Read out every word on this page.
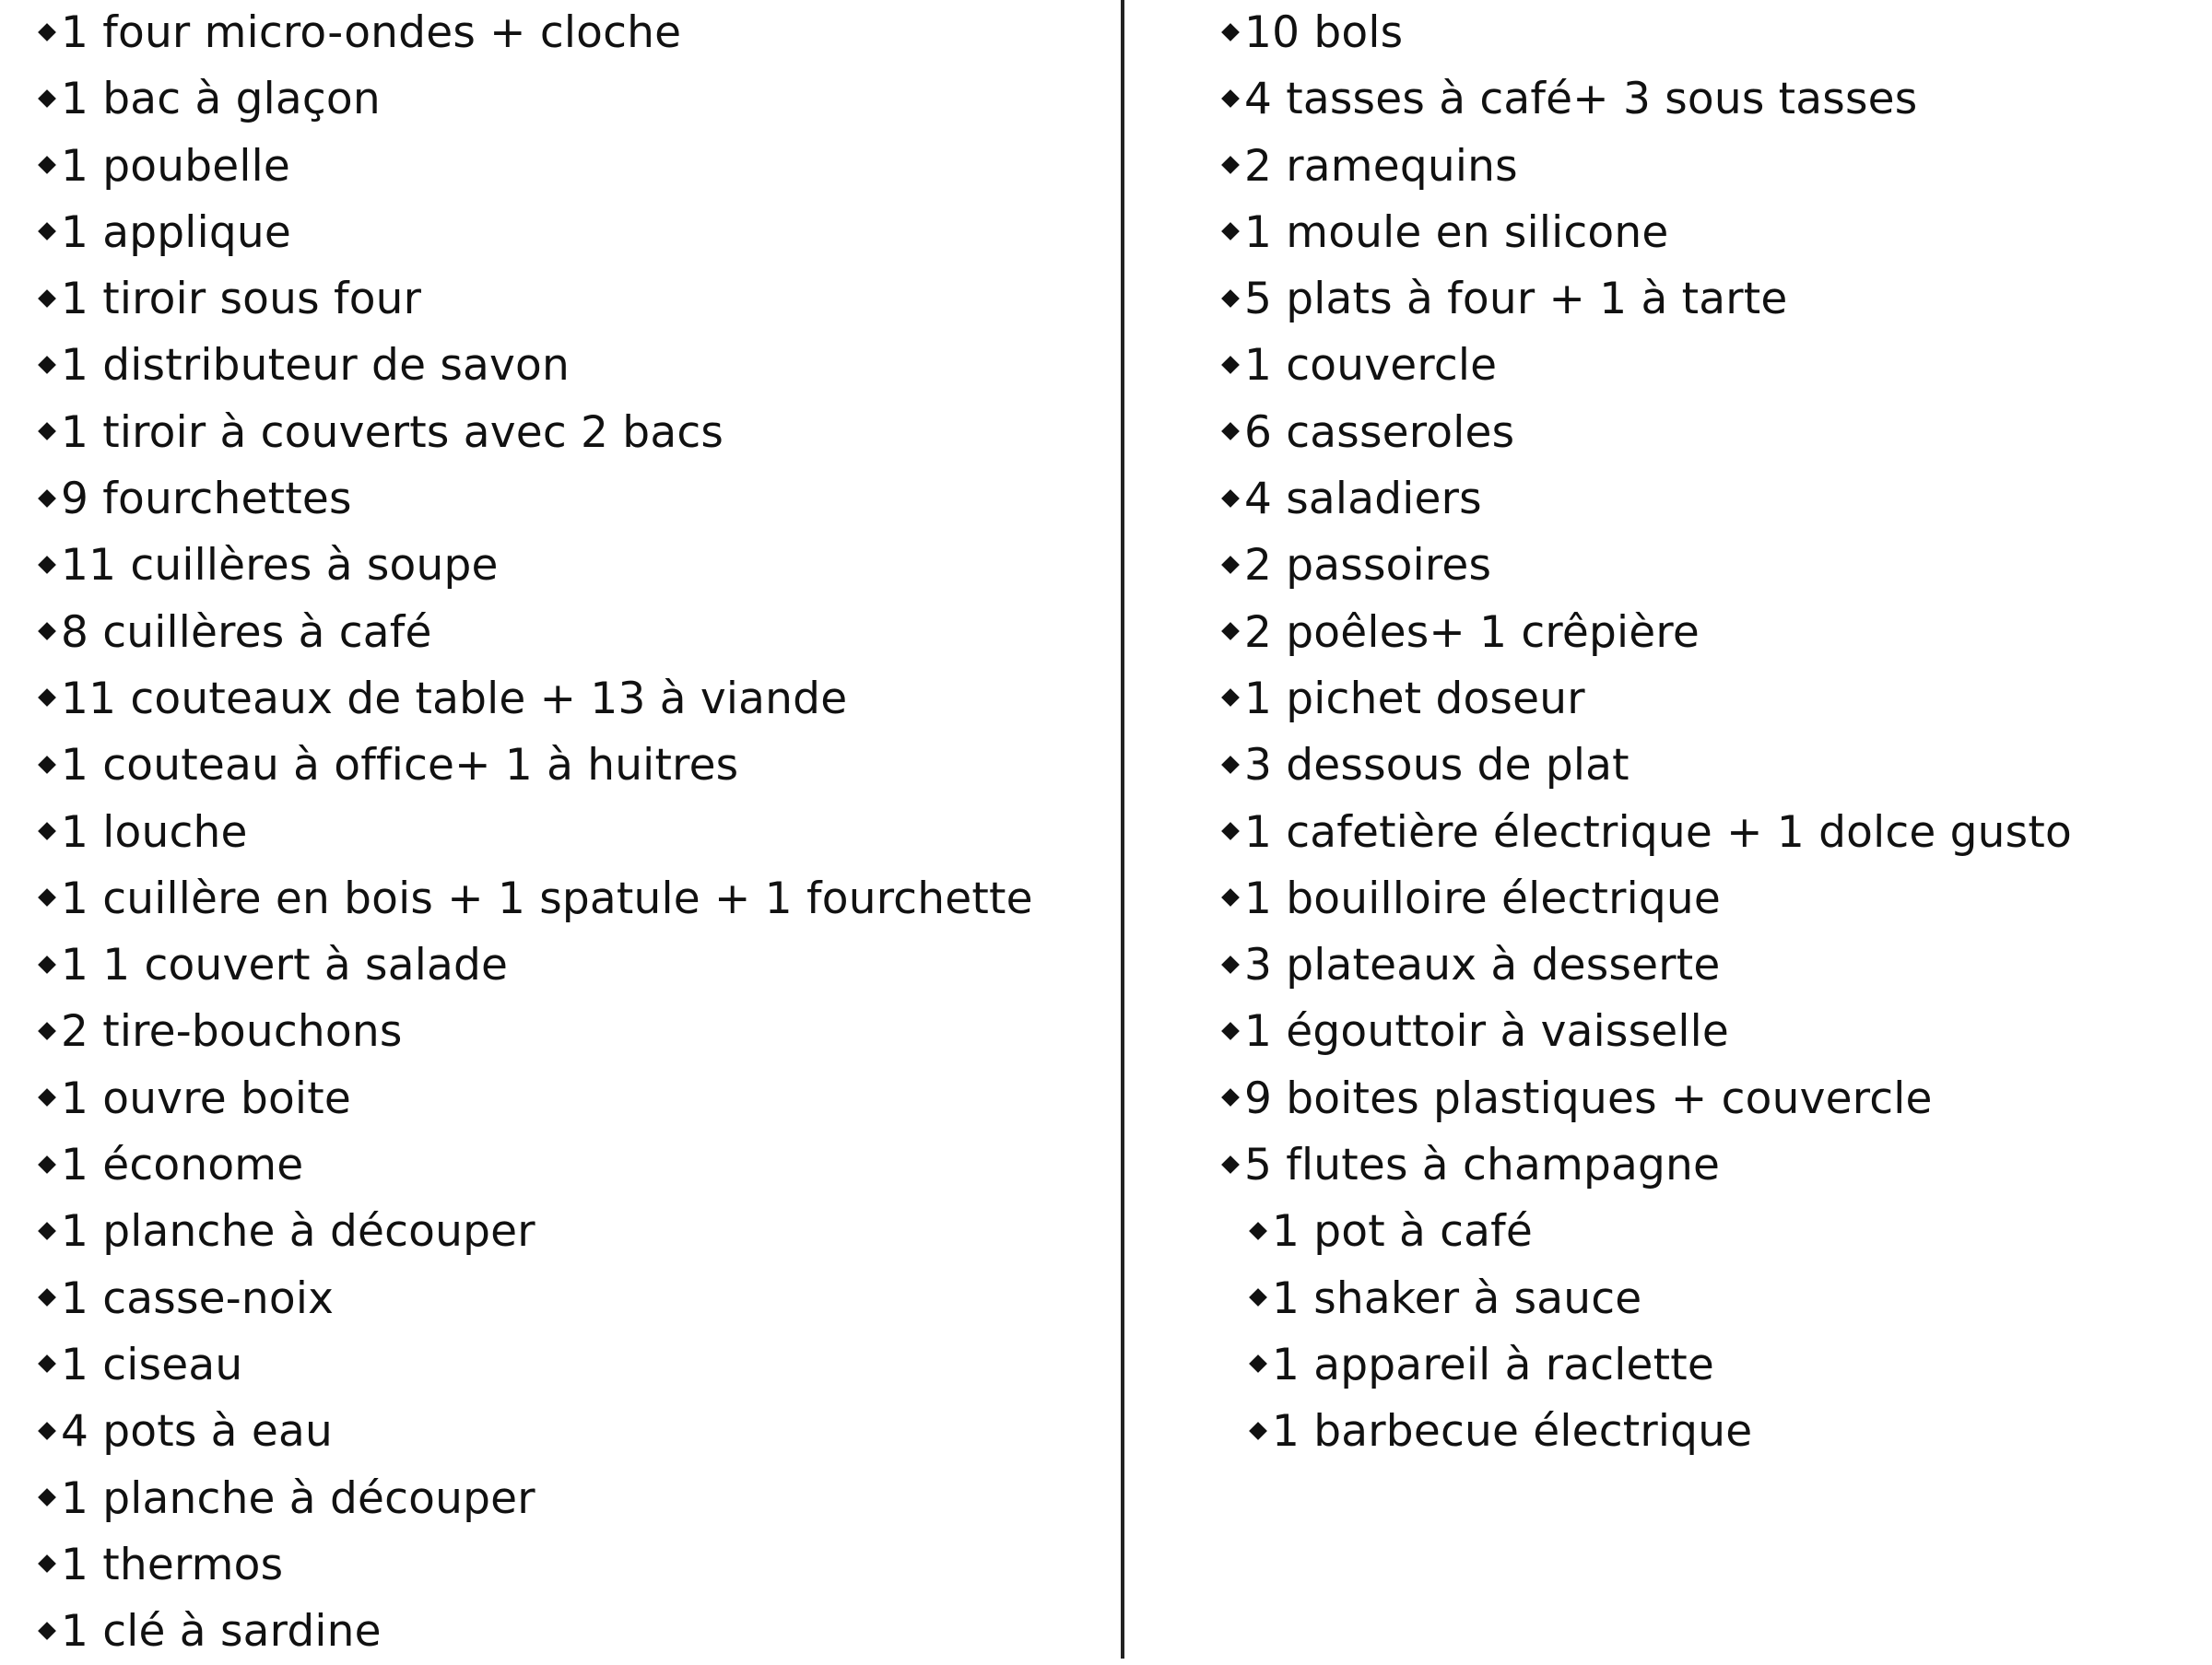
1 four micro-ondes + cloche
1 bac à glaçon
1 poubelle
1 applique
1 tiroir sous four
1 distributeur de savon
1 tiroir à couverts avec 2 bacs
9 fourchettes
11 cuillères à soupe
8 cuillères à café
11 couteaux de table + 13 à viande
1 couteau à office+ 1 à huitres
1 louche
1 cuillère en bois + 1 spatule + 1 fourchette
1 1 couvert à salade
2 tire-bouchons
1 ouvre boite
1 économe
1 planche à découper
1 casse-noix
1 ciseau
4 pots à eau
1 planche à découper
1 thermos
1 clé à sardine
10 bols
4 tasses à café+ 3 sous tasses
2 ramequins
1 moule en silicone
5 plats à four + 1 à tarte
1 couvercle
6 casseroles
4 saladiers
2 passoires
2 poêles+ 1 crêpière
1 pichet doseur
3 dessous de plat
1 cafetière électrique + 1 dolce gusto
1 bouilloire électrique
3 plateaux à desserte
1 égouttoir à vaisselle
9 boites plastiques + couvercle
5 flutes à champagne
1 pot à café
1 shaker à sauce
1 appareil à raclette
1 barbecue électrique
